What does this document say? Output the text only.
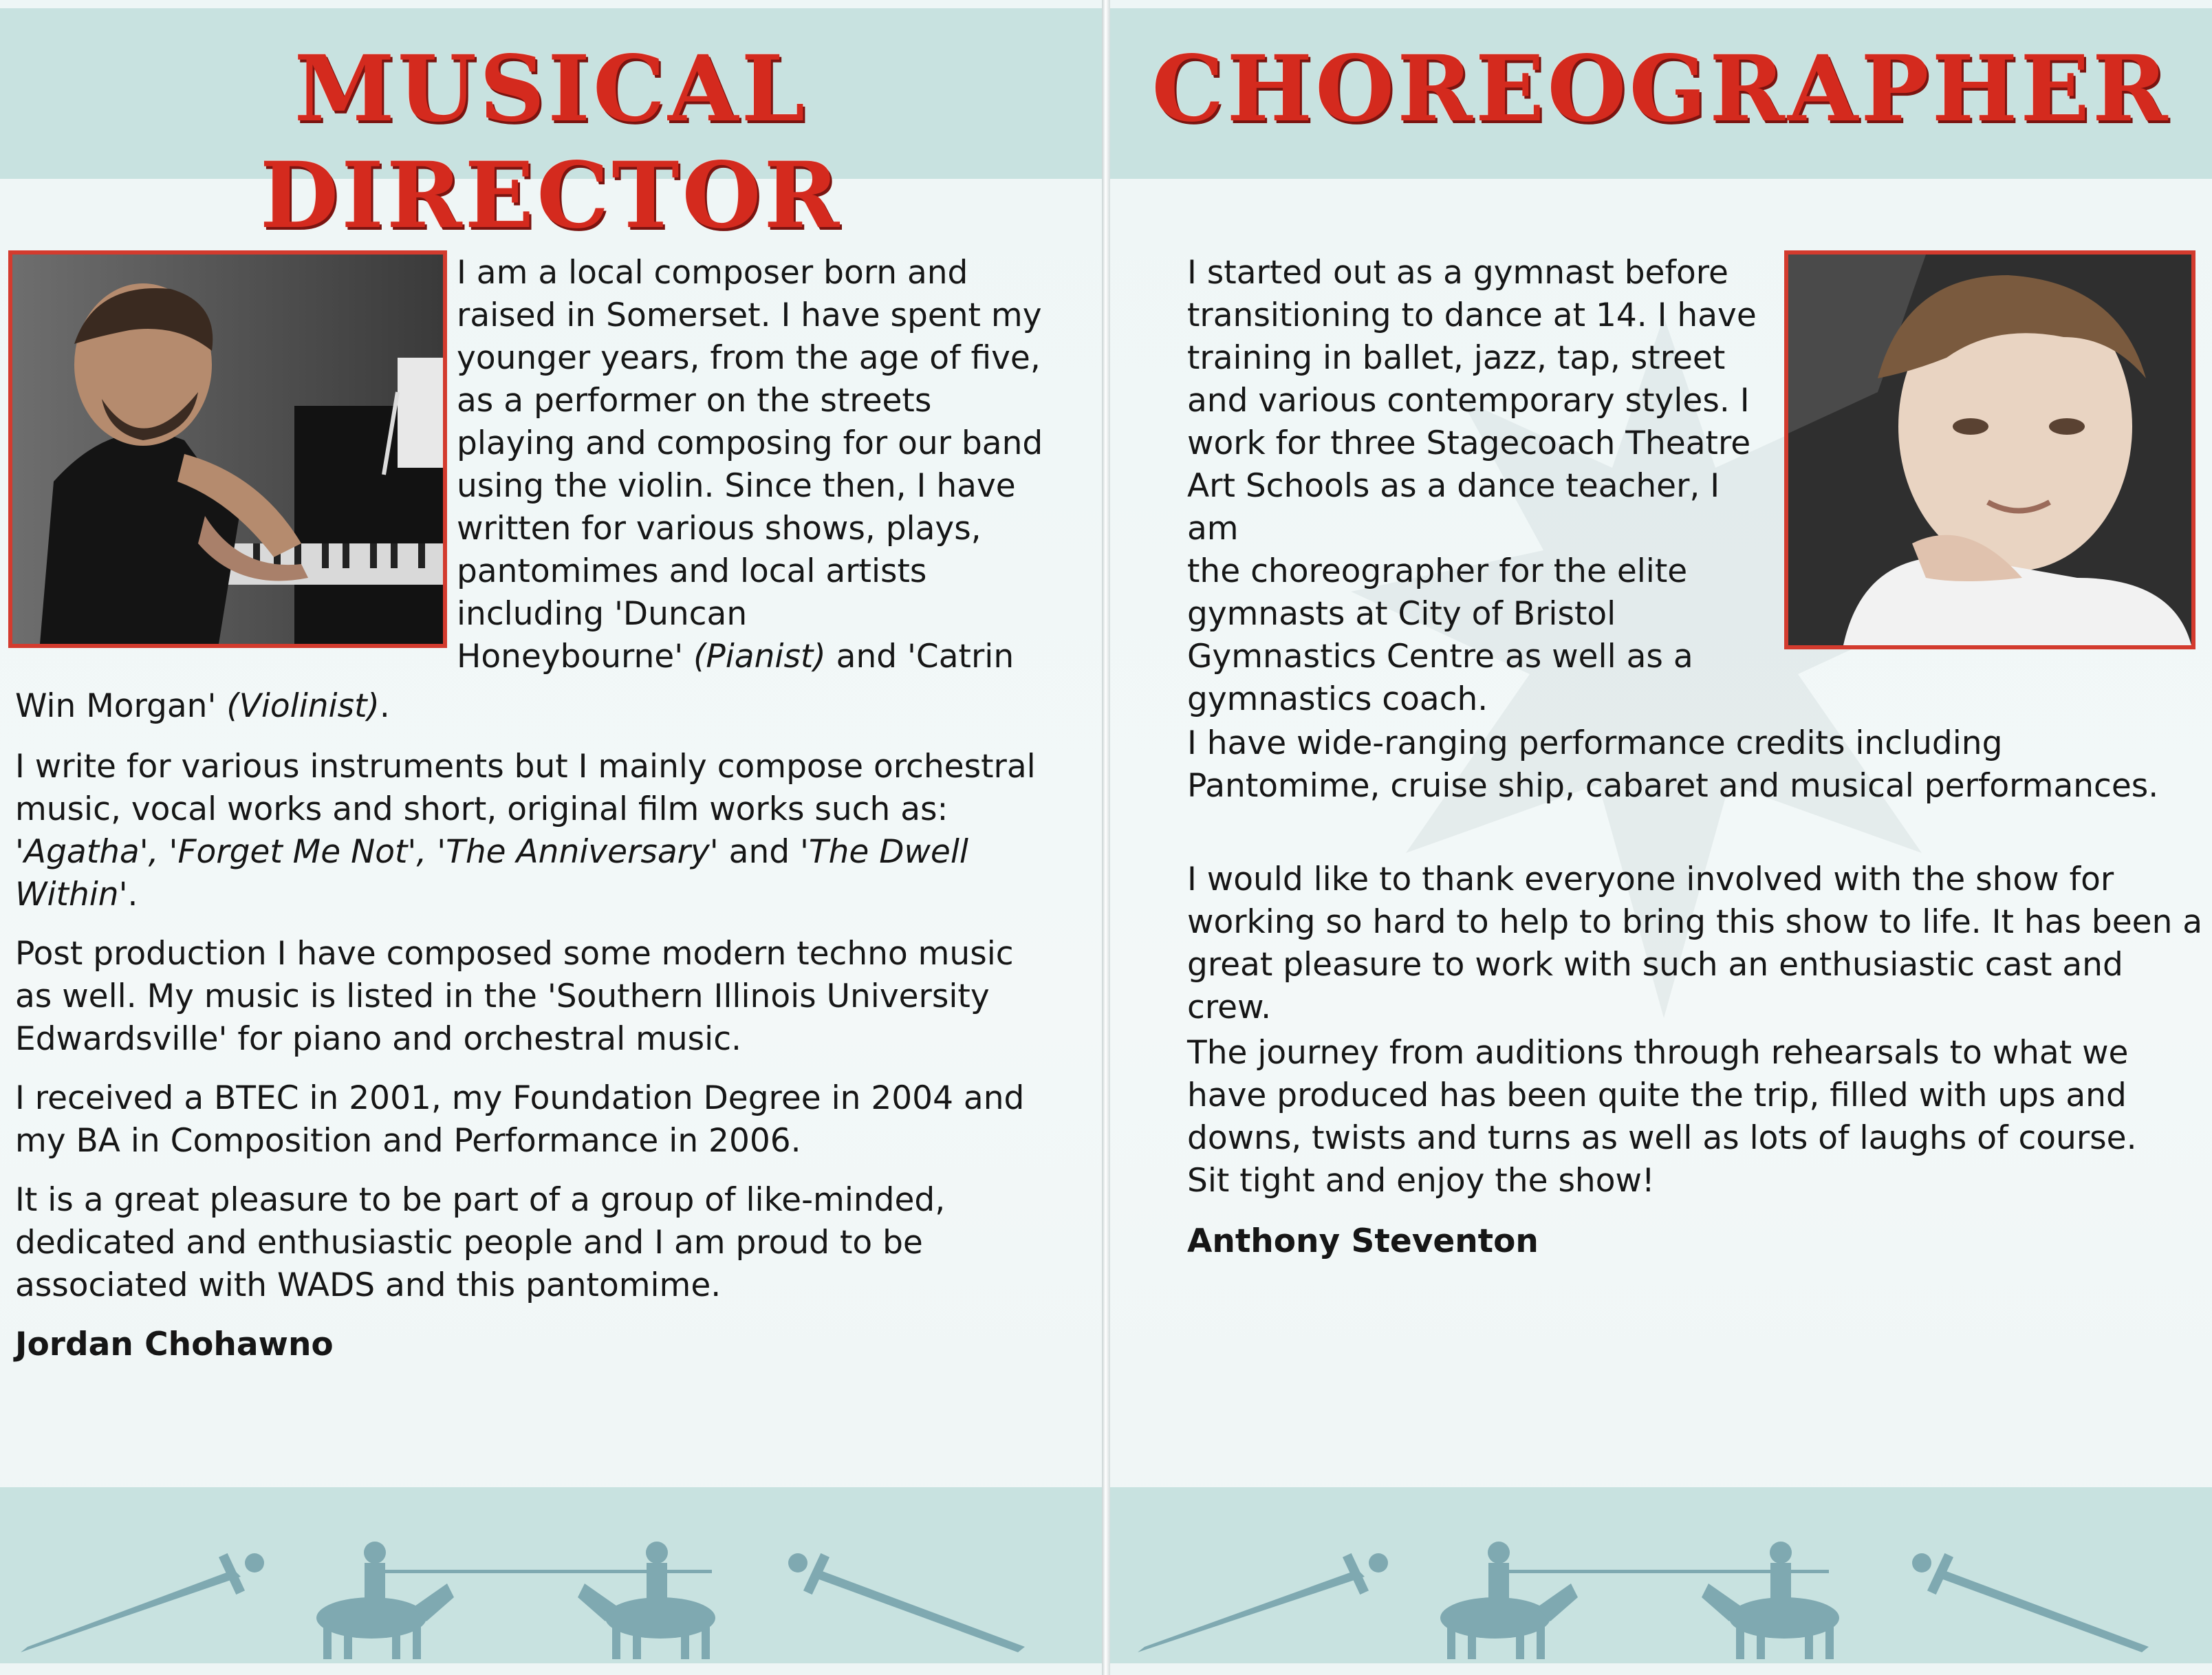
MUSICAL DIRECTOR
I am a local composer born and
raised in Somerset. I have spent my
younger years, from the age of five,
as a performer on the streets
playing and composing for our band
using the violin. Since then, I have
written for various shows, plays,
pantomimes and local artists
including 'Duncan
Honeybourne' (Pianist) and 'Catrin

Win Morgan' (Violinist).

I write for various instruments but I mainly compose orchestral
music, vocal works and short, original film works such as:
'Agatha', 'Forget Me Not', 'The Anniversary' and 'The Dwell
Within'.

Post production I have composed some modern techno music as well. My music is listed in the 'Southern Illinois University Edwardsville' for piano and orchestral music.

I received a BTEC in 2001, my Foundation Degree in 2004 and my BA in Composition and Performance in 2006.

It is a great pleasure to be part of a group of like-minded, dedicated and enthusiastic people and I am proud to be associated with WADS and this pantomime.

Jordan Chohawno

CHOREOGRAPHER
I started out as a gymnast before
transitioning to dance at 14. I have
training in ballet, jazz, tap, street
and various contemporary styles. I
work for three Stagecoach Theatre
Art Schools as a dance teacher, I am
the choreographer for the elite
gymnasts at City of Bristol
Gymnastics Centre as well as a
gymnastics coach.
I have wide-ranging performance credits including Pantomime, cruise ship, cabaret and musical performances.
I would like to thank everyone involved with the show for working so hard to help to bring this show to life. It has been a great pleasure to work with such an enthusiastic cast and crew.
The journey from auditions through rehearsals to what we have produced has been quite the trip, filled with ups and downs, twists and turns as well as lots of laughs of course. Sit tight and enjoy the show!
Anthony Steventon
